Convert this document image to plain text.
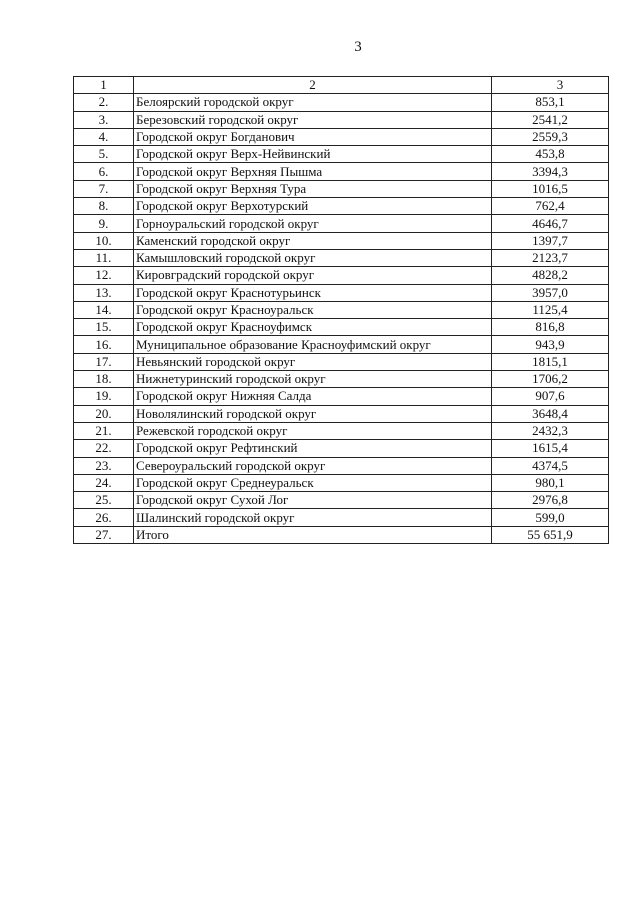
3
1	2	3
2.	Белоярский городской округ	853,1
3.	Березовский городской округ	2541,2
4.	Городской округ Богданович	2559,3
5.	Городской округ Верх-Нейвинский	453,8
6.	Городской округ Верхняя Пышма	3394,3
7.	Городской округ Верхняя Тура	1016,5
8.	Городской округ Верхотурский	762,4
9.	Горноуральский городской округ	4646,7
10.	Каменский городской округ	1397,7
11.	Камышловский городской округ	2123,7
12.	Кировградский городской округ	4828,2
13.	Городской округ Краснотурьинск	3957,0
14.	Городской округ Красноуральск	1125,4
15.	Городской округ Красноуфимск	816,8
16.	Муниципальное образование Красноуфимский округ	943,9
17.	Невьянский городской округ	1815,1
18.	Нижнетуринский городской округ	1706,2
19.	Городской округ Нижняя Салда	907,6
20.	Новолялинский городской округ	3648,4
21.	Режевской городской округ	2432,3
22.	Городской округ Рефтинский	1615,4
23.	Североуральский городской округ	4374,5
24.	Городской округ Среднеуральск	980,1
25.	Городской округ Сухой Лог	2976,8
26.	Шалинский городской округ	599,0
27.	Итого	55 651,9
